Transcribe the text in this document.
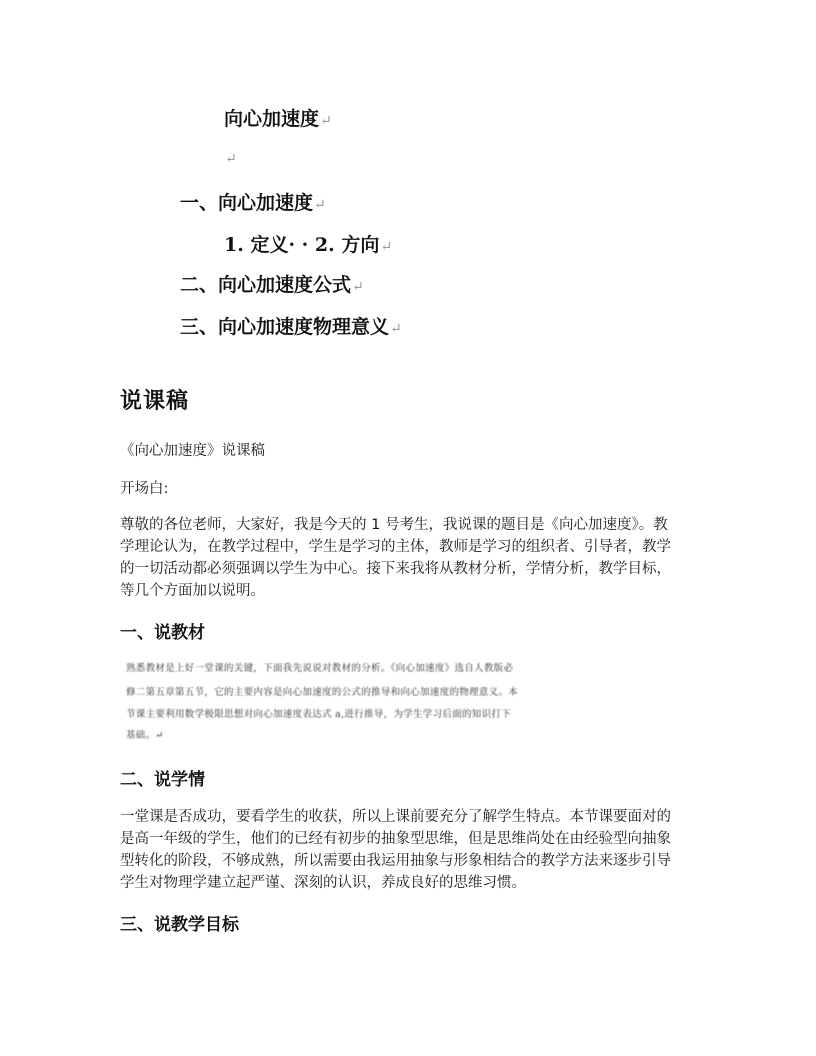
向心加速度↵
↵
一、向心加速度↵
1. 定义· · 2. 方向↵
二、向心加速度公式↵
三、向心加速度物理意义↵
说课稿
《向心加速度》说课稿
开场白:
尊敬的各位老师，大家好，我是今天的 1 号考生，我说课的题目是《向心加速度》。教学理论认为，在教学过程中，学生是学习的主体，教师是学习的组织者、引导者，教学的一切活动都必须强调以学生为中心。接下来我将从教材分析，学情分析，教学目标，等几个方面加以说明。
一、说教材
熟悉教材是上好一堂课的关键，下面我先说说对教材的分析。《向心加速度》选自人教版必
修二第五章第五节，它的主要内容是向心加速度的公式的推导和向心加速度的物理意义。本
节课主要利用数学极限思想对向心加速度表达式 a,进行推导，为学生学习后面的知识打下
基础。↵
二、说学情
一堂课是否成功，要看学生的收获，所以上课前要充分了解学生特点。本节课要面对的是高一年级的学生，他们的已经有初步的抽象型思维，但是思维尚处在由经验型向抽象型转化的阶段，不够成熟，所以需要由我运用抽象与形象相结合的教学方法来逐步引导学生对物理学建立起严谨、深刻的认识，养成良好的思维习惯。
三、说教学目标
